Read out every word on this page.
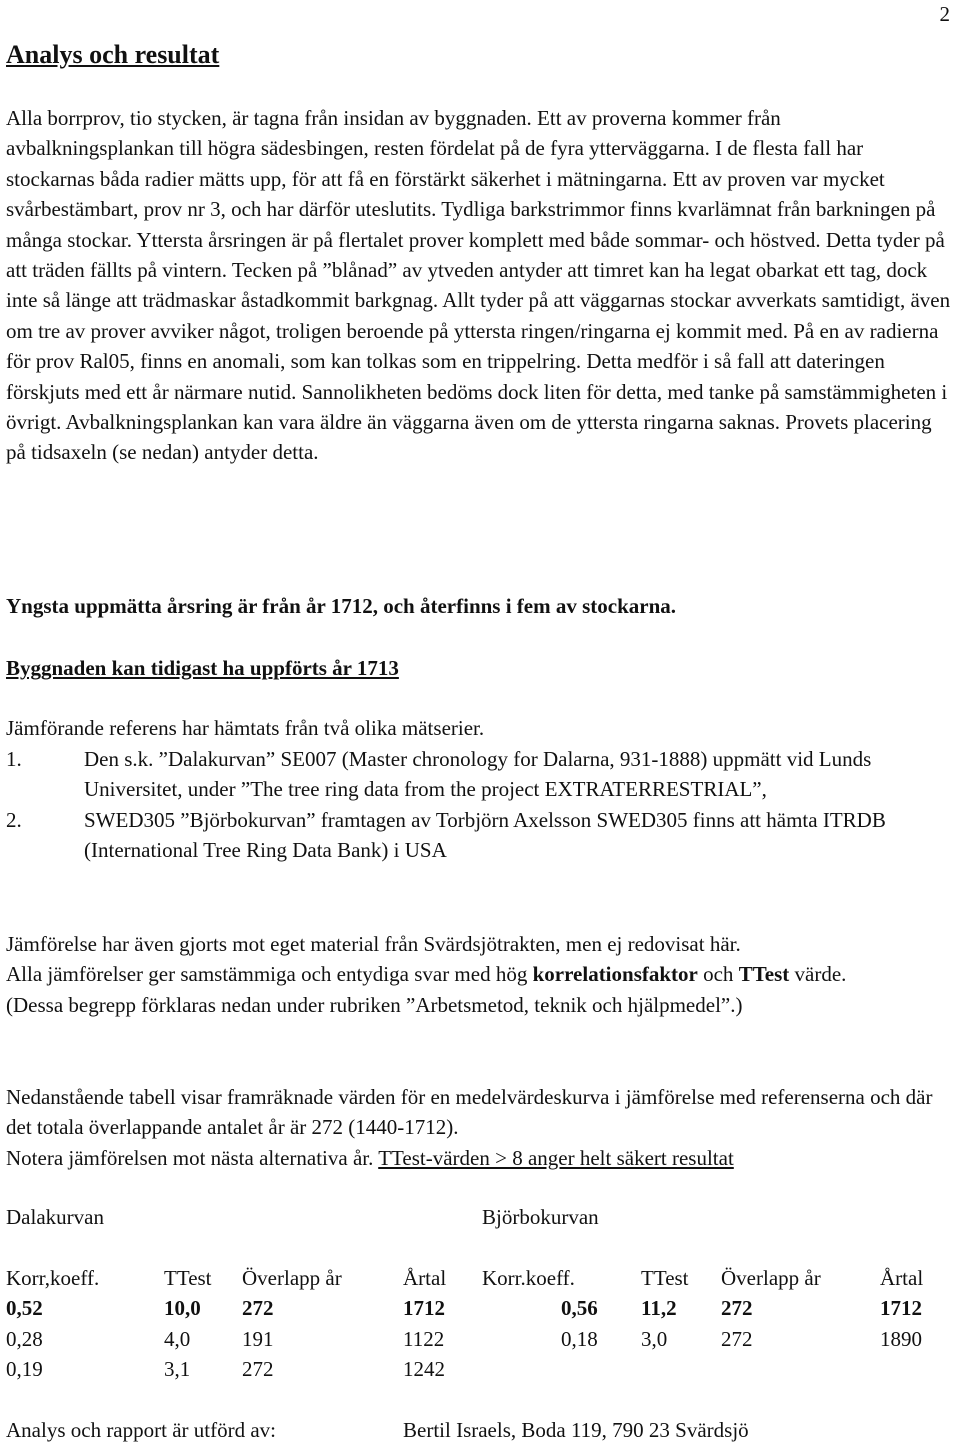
2
Analys och resultat
Alla borrprov, tio stycken, är tagna från insidan av byggnaden. Ett av proverna kommer från avbalkningsplankan till högra sädesbingen, resten fördelat på de fyra ytterväggarna. I de flesta fall har stockarnas båda radier mätts upp, för att få en förstärkt säkerhet i mätningarna. Ett av proven var mycket svårbestämbart, prov nr 3, och har därför uteslutits. Tydliga barkstrimmor finns kvarlämnat från barkningen på många stockar. Yttersta årsringen är på flertalet prover komplett med både sommar- och höstved. Detta tyder på att träden fällts på vintern. Tecken på ”blånad” av ytveden antyder att timret kan ha legat obarkat ett tag, dock inte så länge att trädmaskar åstadkommit barkgnag. Allt tyder på att väggarnas stockar avverkats samtidigt, även om tre av prover avviker något, troligen beroende på yttersta ringen/ringarna ej kommit med. På en av radierna för prov Ral05, finns en anomali, som kan tolkas som en trippelring. Detta medför i så fall att dateringen förskjuts med ett år närmare nutid. Sannolikheten bedöms dock liten för detta, med tanke på samstämmigheten i övrigt. Avbalkningsplankan kan vara äldre än väggarna även om de yttersta ringarna saknas. Provets placering på tidsaxeln (se nedan) antyder detta.
Yngsta uppmätta årsring är från år 1712, och återfinns i fem av stockarna.
Byggnaden kan tidigast ha uppförts år 1713
Jämförande referens har hämtats från två olika mätserier.
1.	Den s.k. ”Dalakurvan” SE007 (Master chronology for Dalarna, 931-1888) uppmätt vid Lunds Universitet, under ”The tree ring data from the project EXTRATERRESTRIAL”,
2.	SWED305 ”Björbokurvan” framtagen av Torbjörn Axelsson SWED305 finns att hämta ITRDB (International Tree Ring Data Bank) i USA
Jämförelse har även gjorts mot eget material från Svärdsjötrakten, men ej redovisat här.
Alla jämförelser ger samstämmiga och entydiga svar med hög korrelationsfaktor och TTest värde.
(Dessa begrepp förklaras nedan under rubriken ”Arbetsmetod, teknik och hjälpmedel”.)
Nedanstående tabell visar framräknade värden för en medelvärdeskurva i jämförelse med referenserna och där det totala överlappande antalet år är 272 (1440-1712).
Notera jämförelsen mot nästa alternativa år. TTest-värden > 8 anger helt säkert resultat
Dalakurvan	Björbokurvan
Korr,koeff.	TTest Överlapp år	Årtal
0,52	10,0 272	1712
0,28	4,0 191	1122
0,19	3,1 272	1242
Korr.koeff.	TTest Överlapp år	Årtal
0,56 11,2 272	1712
0,18 3,0	272	1890
Analys och rapport är utförd av:	Bertil Israels, Boda 119, 790 23 Svärdsjö
